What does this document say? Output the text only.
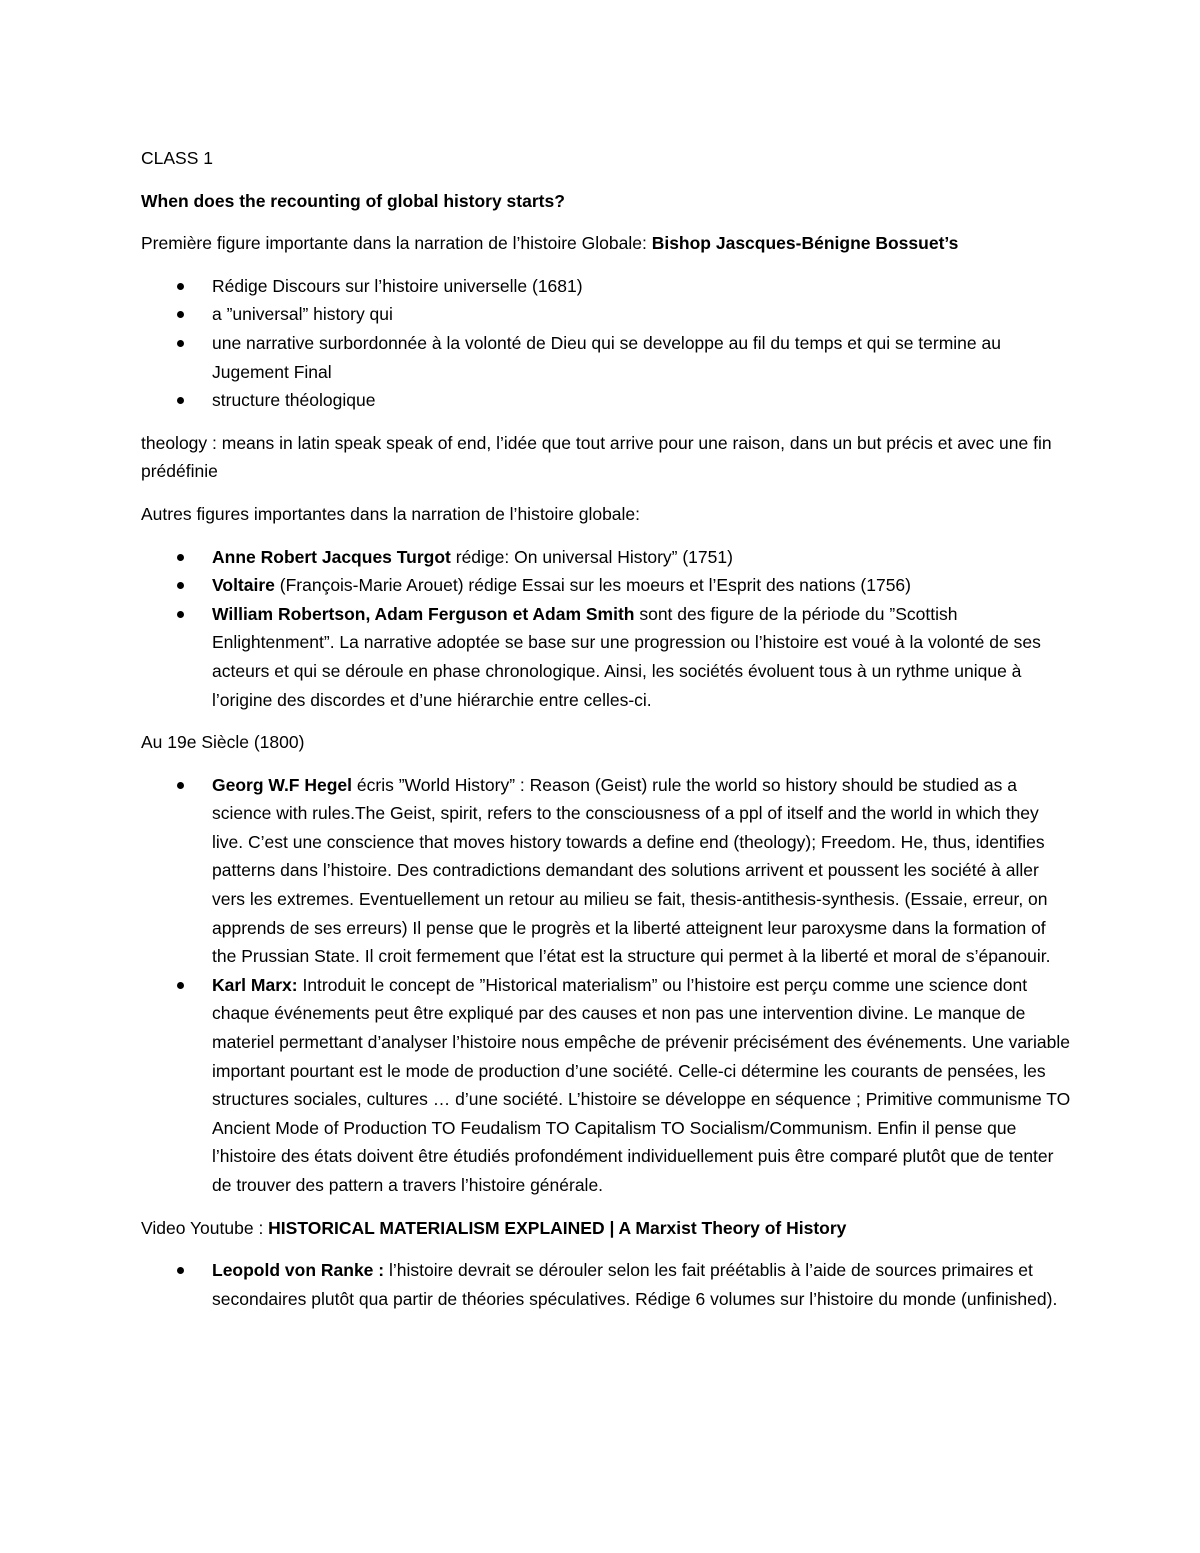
CLASS 1

When does the recounting of global history starts?

Première figure importante dans la narration de l’histoire Globale: Bishop Jascques-Bénigne Bossuet’s

Rédige Discours sur l’histoire universelle (1681)
a ”universal” history qui
une narrative surbordonnée à la volonté de Dieu qui se developpe au fil du temps et qui se termine au Jugement Final
structure théologique

theology : means in latin speak speak of end, l’idée que tout arrive pour une raison, dans un but précis et avec une fin prédéfinie

Autres figures importantes dans la narration de l’histoire globale:

Anne Robert Jacques Turgot rédige: On universal History” (1751)
Voltaire (François-Marie Arouet) rédige Essai sur les moeurs et l’Esprit des nations (1756)
William Robertson, Adam Ferguson et Adam Smith sont des figure de la période du ”Scottish Enlightenment”. La narrative adoptée se base sur une progression ou l’histoire est voué à la volonté de ses acteurs et qui se déroule en phase chronologique. Ainsi, les sociétés évoluent tous à un rythme unique à l’origine des discordes et d’une hiérarchie entre celles-ci.

Au 19e Siècle (1800)

Georg W.F Hegel écris ”World History” : Reason (Geist) rule the world so history should be studied as a science with rules.The Geist, spirit, refers to the consciousness of a ppl of itself and the world in which they live. C’est une conscience that moves history towards a define end (theology); Freedom. He, thus, identifies patterns dans l’histoire. Des contradictions demandant des solutions arrivent et poussent les société à aller vers les extremes. Eventuellement un retour au milieu se fait, thesis-antithesis-synthesis. (Essaie, erreur, on apprends de ses erreurs) Il pense que le progrès et la liberté atteignent leur paroxysme dans la formation of the Prussian State. Il croit fermement que l’état est la structure qui permet à la liberté et moral de s’épanouir.
Karl Marx: Introduit le concept de ”Historical materialism” ou l’histoire est perçu comme une science dont chaque événements peut être expliqué par des causes et non pas une intervention divine. Le manque de materiel permettant d’analyser l’histoire nous empêche de prévenir précisément des événements. Une variable important pourtant est le mode de production d’une société. Celle-ci détermine les courants de pensées, les structures sociales, cultures … d’une société. L’histoire se développe en séquence ; Primitive communisme TO Ancient Mode of Production TO Feudalism TO Capitalism TO Socialism/Communism. Enfin il pense que l’histoire des états doivent être étudiés profondément individuellement puis être comparé plutôt que de tenter de trouver des pattern a travers l’histoire générale.

Video Youtube : HISTORICAL MATERIALISM EXPLAINED | A Marxist Theory of History

Leopold von Ranke : l’histoire devrait se dérouler selon les fait préétablis à l’aide de sources primaires et secondaires plutôt qua partir de théories spéculatives. Rédige 6 volumes sur l’histoire du monde (unfinished).
